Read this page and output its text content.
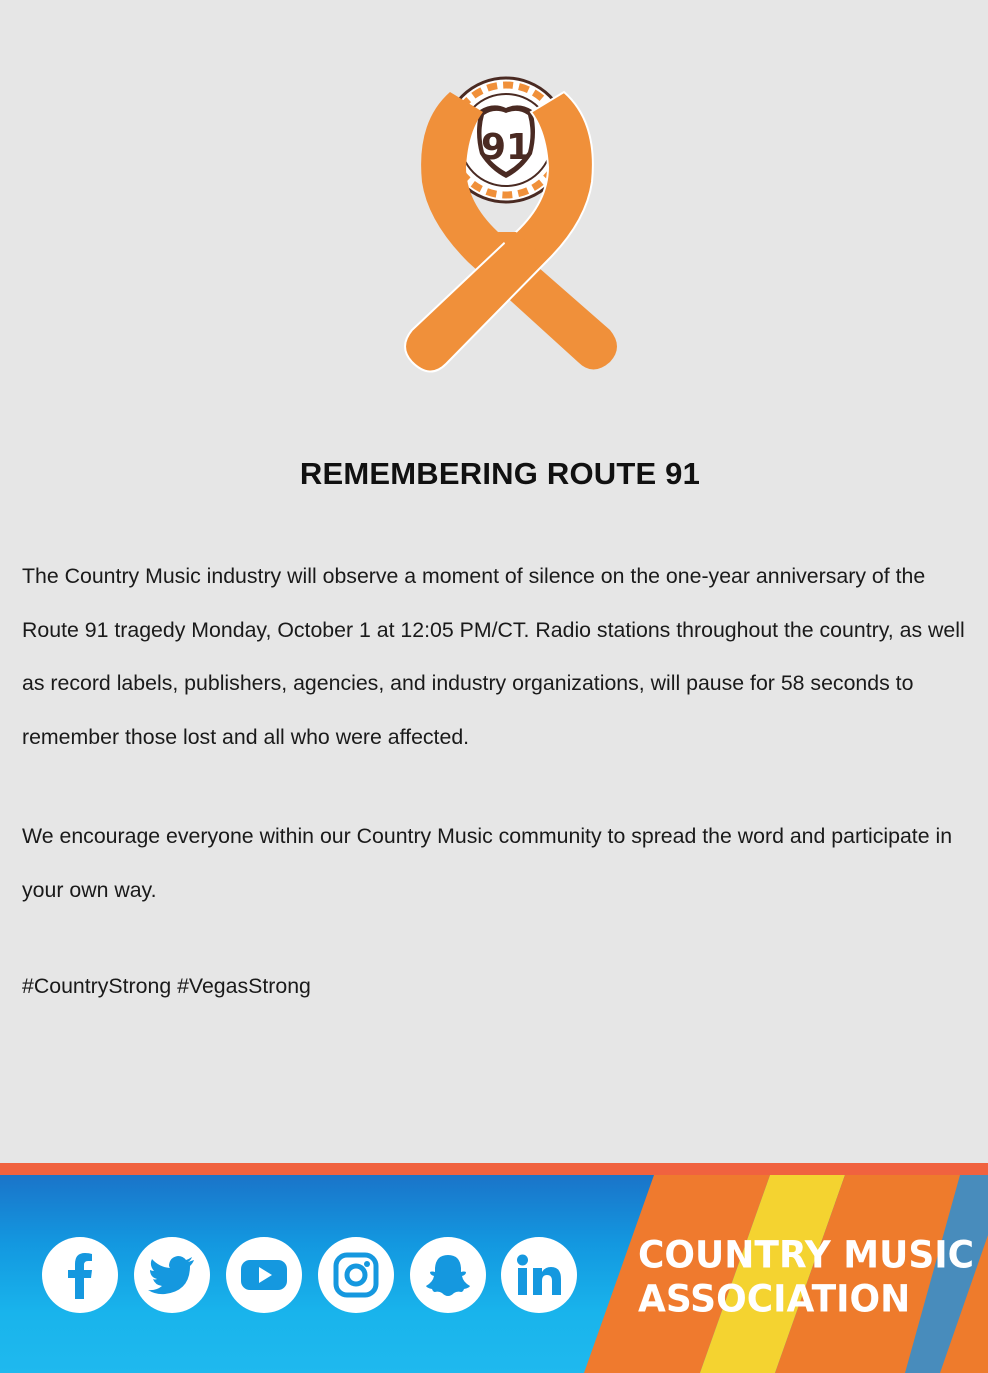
91
REMEMBERING ROUTE 91

The Country Music industry will observe a moment of silence on the one-year anniversary of the Route 91 tragedy Monday, October 1 at 12:05 PM/CT. Radio stations throughout the country, as well as record labels, publishers, agencies, and industry organizations, will pause for 58 seconds to remember those lost and all who were affected.

We encourage everyone within our Country Music community to spread the word and participate in your own way.

#CountryStrong #VegasStrong

COUNTRY MUSIC
ASSOCIATION
